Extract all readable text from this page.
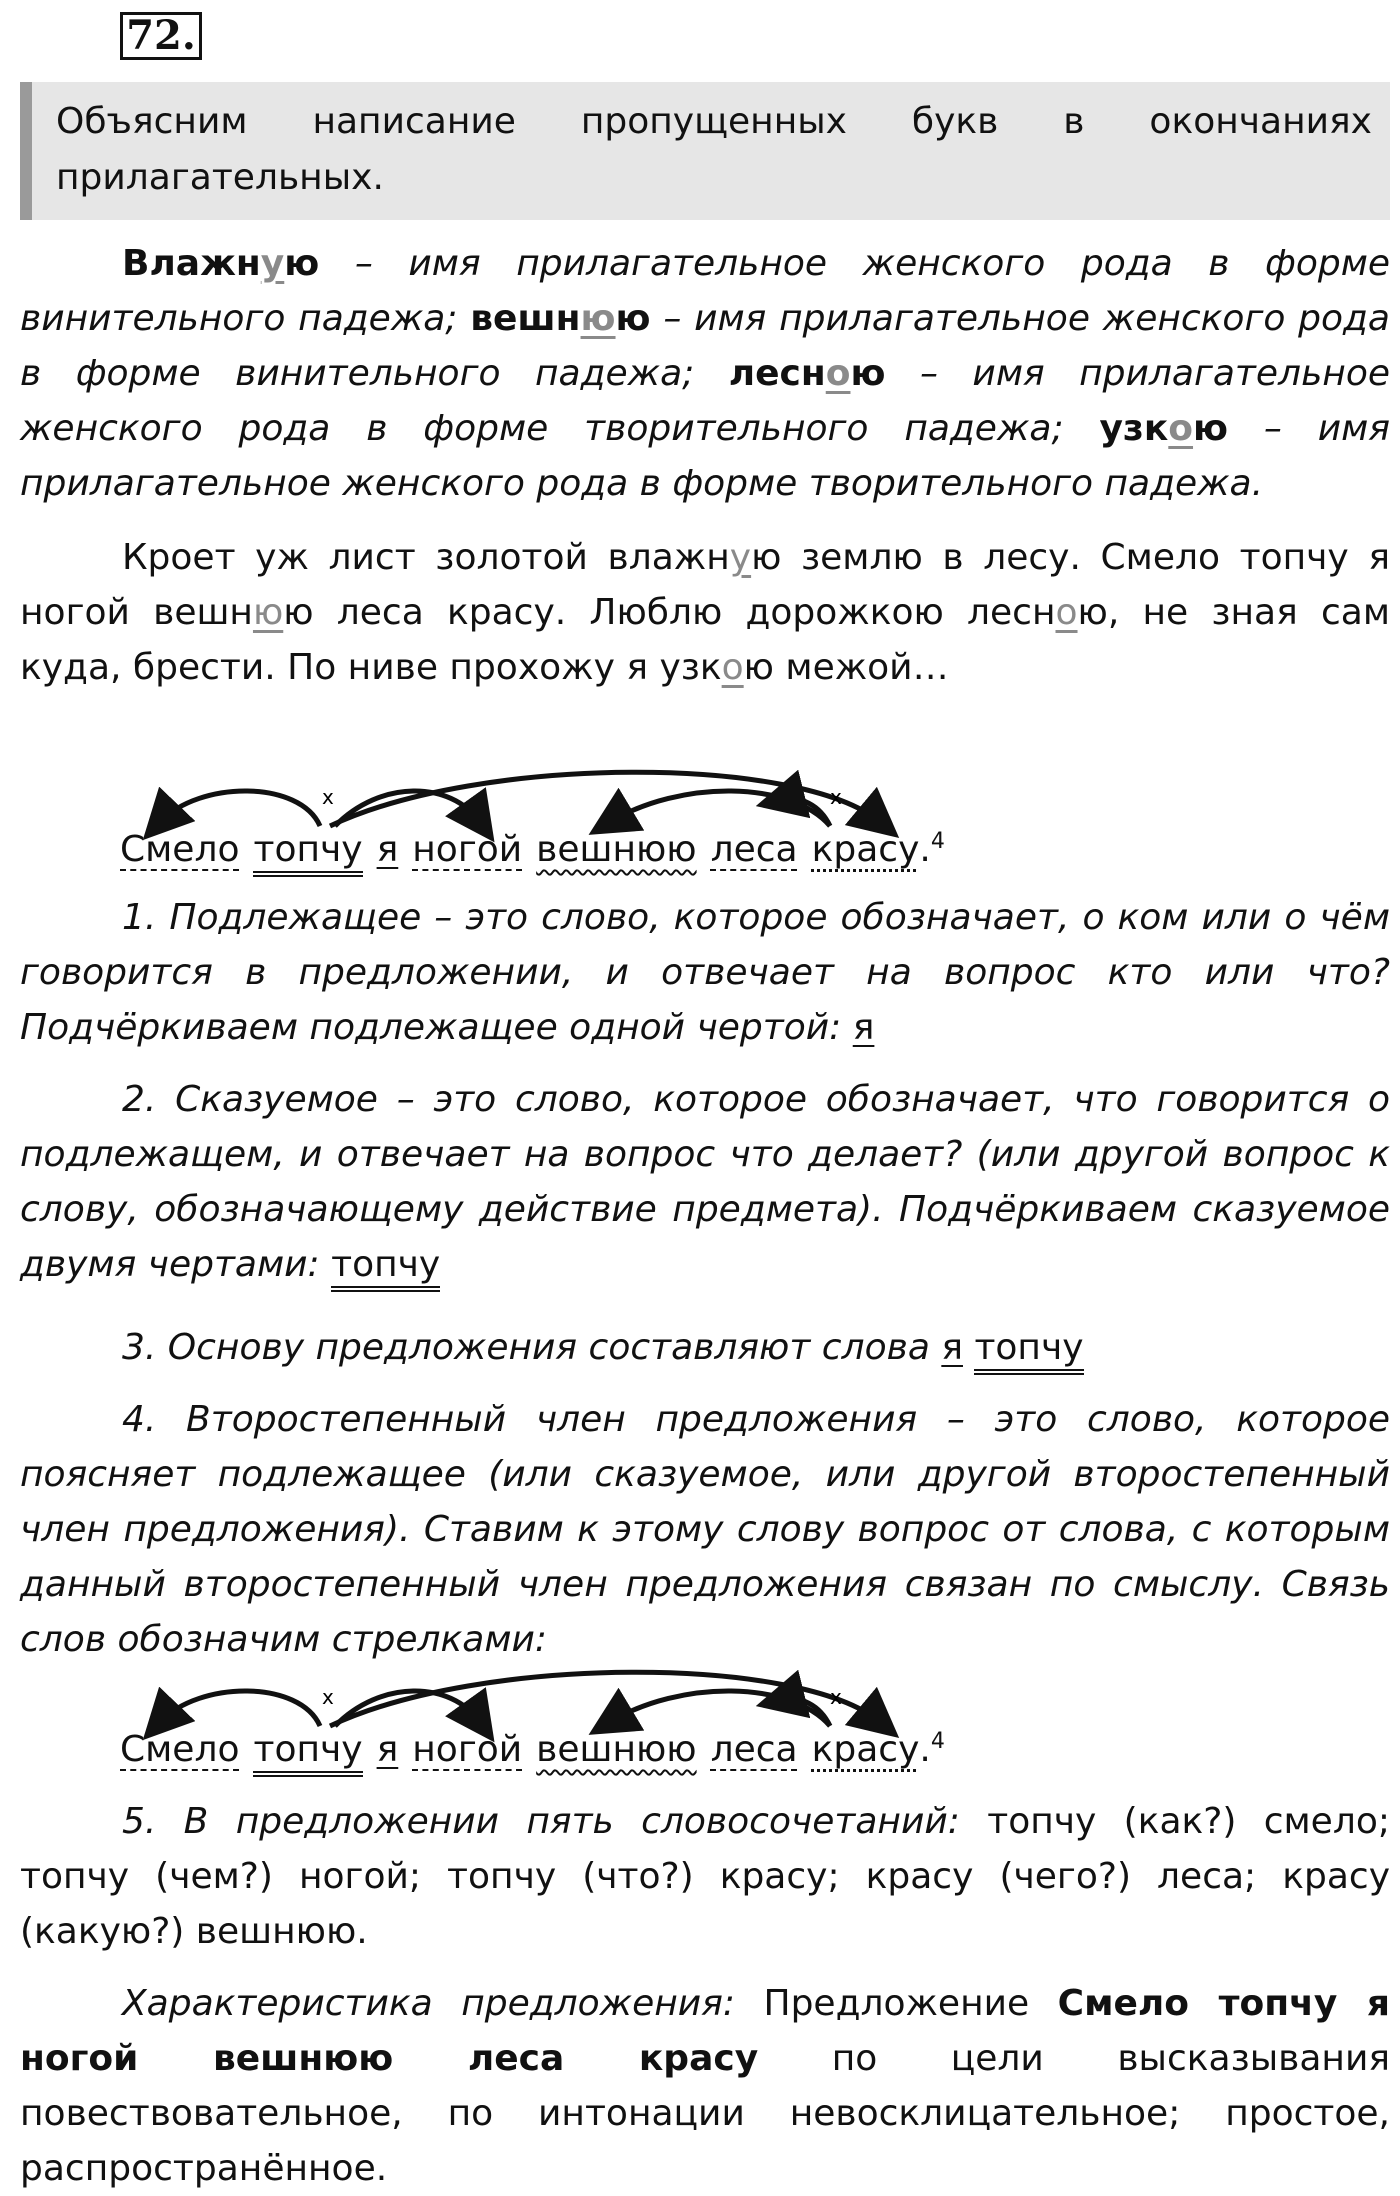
72.
Объясним написание пропущенных букв в окончаниях прилагательных.

Влажную – имя прилагательное женского рода в форме винительного падежа; вешнюю – имя прилагательное женского рода в форме винительного падежа; лесною – имя прилагательное женского рода в форме творительного падежа; узкою – имя прилагательное женского рода в форме творительного падежа.

Кроет уж лист золотой влажную землю в лесу. Смело топчу я ногой вешнюю леса красу. Люблю дорожкою лесною, не зная сам куда, брести. По ниве прохожу я узкою межой…

x	x
Смело топчу я ногой вешнюю леса красу.$^4$

1. Подлежащее – это слово, которое обозначает, о ком или о чём говорится в предложении, и отвечает на вопрос кто или что? Подчёркиваем подлежащее одной чертой: я

2. Сказуемое – это слово, которое обозначает, что говорится о подлежащем, и отвечает на вопрос что делает? (или другой вопрос к слову, обозначающему действие предмета). Подчёркиваем сказуемое двумя чертами: топчу

3. Основу предложения составляют слова я топчу

4. Второстепенный член предложения – это слово, которое поясняет подлежащее (или сказуемое, или другой второстепенный член предложения). Ставим к этому слову вопрос от слова, с которым данный второстепенный член предложения связан по смыслу. Связь слов обозначим стрелками:

x	x
Смело топчу я ногой вешнюю леса красу.$^4$

5. В предложении пять словосочетаний: топчу (как?) смело; топчу (чем?) ногой; топчу (что?) красу; красу (чего?) леса; красу (какую?) вешнюю.

Характеристика предложения: Предложение Смело топчу я ногой вешнюю леса красу по цели высказывания повествовательное, по интонации невосклицательное; простое, распространённое.
